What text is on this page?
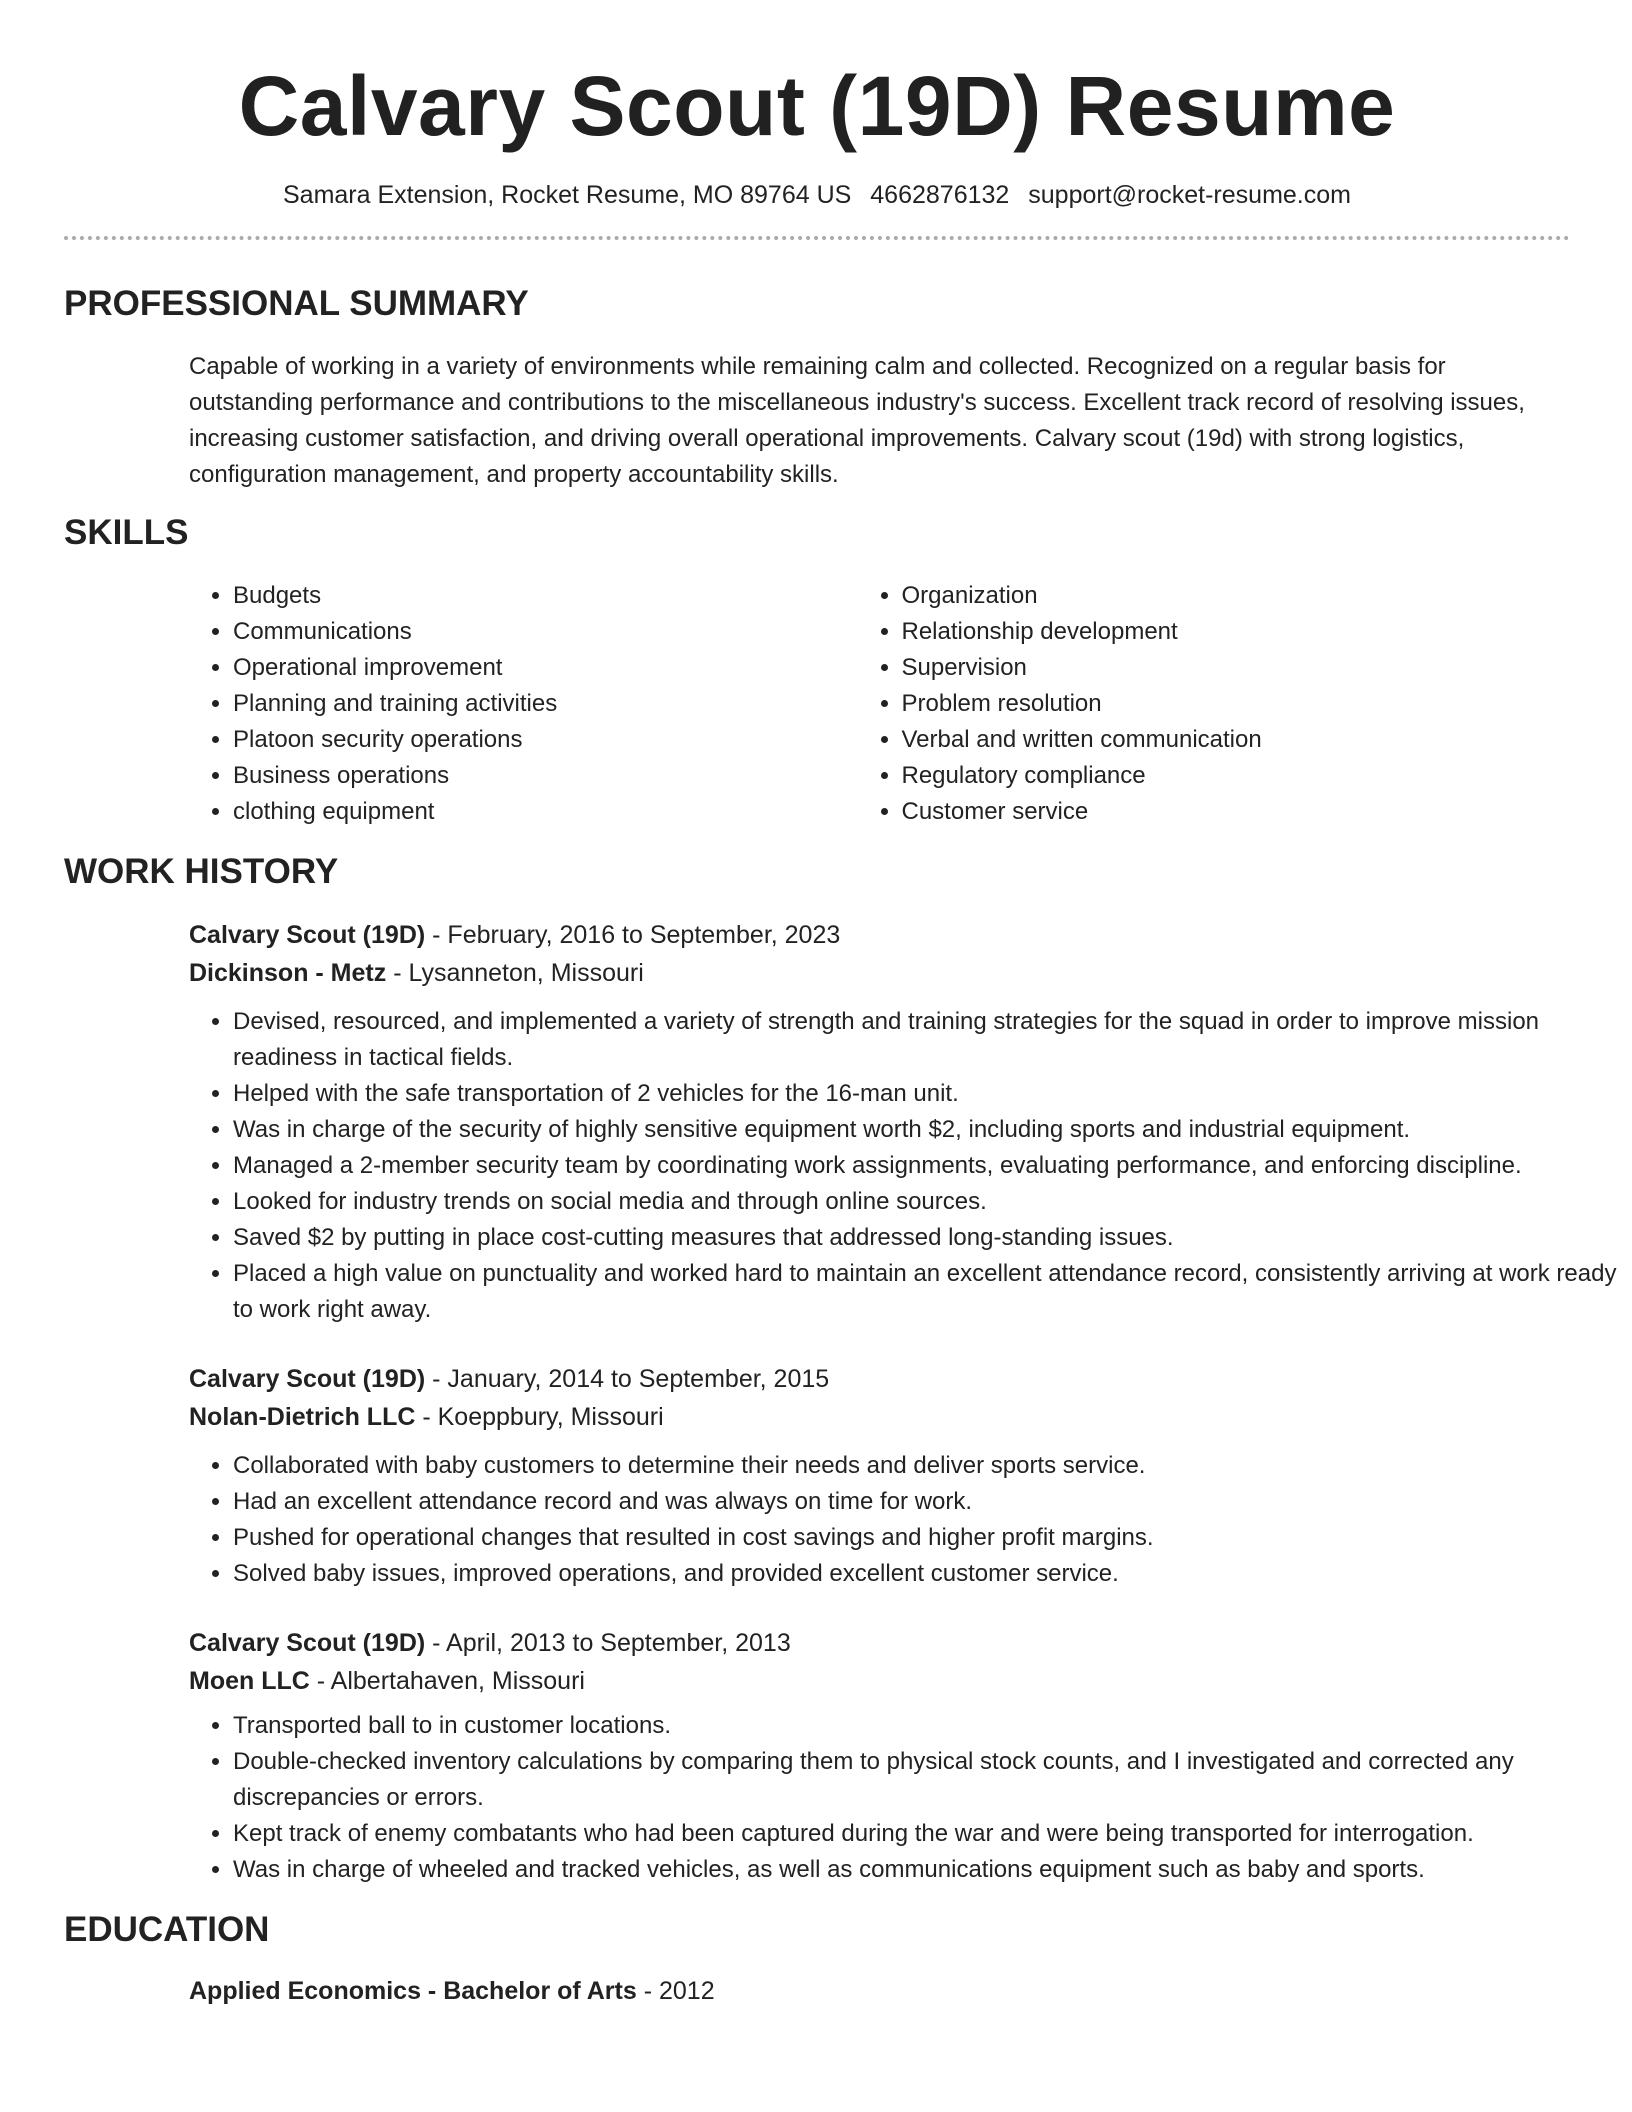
Calvary Scout (19D) Resume
Samara Extension, Rocket Resume, MO 89764 US 4662876132 support@rocket-resume.com
PROFESSIONAL SUMMARY
Capable of working in a variety of environments while remaining calm and collected. Recognized on a regular basis for outstanding performance and contributions to the miscellaneous industry's success. Excellent track record of resolving issues, increasing customer satisfaction, and driving overall operational improvements. Calvary scout (19d) with strong logistics, configuration management, and property accountability skills.
SKILLS
• Budgets
• Communications
• Operational improvement
• Planning and training activities
• Platoon security operations
• Business operations
• clothing equipment
• Organization
• Relationship development
• Supervision
• Problem resolution
• Verbal and written communication
• Regulatory compliance
• Customer service
WORK HISTORY
Calvary Scout (19D) - February, 2016 to September, 2023
Dickinson - Metz - Lysanneton, Missouri
• Devised, resourced, and implemented a variety of strength and training strategies for the squad in order to improve mission readiness in tactical fields.
• Helped with the safe transportation of 2 vehicles for the 16-man unit.
• Was in charge of the security of highly sensitive equipment worth $2, including sports and industrial equipment.
• Managed a 2-member security team by coordinating work assignments, evaluating performance, and enforcing discipline.
• Looked for industry trends on social media and through online sources.
• Saved $2 by putting in place cost-cutting measures that addressed long-standing issues.
• Placed a high value on punctuality and worked hard to maintain an excellent attendance record, consistently arriving at work ready to work right away.
Calvary Scout (19D) - January, 2014 to September, 2015
Nolan-Dietrich LLC - Koeppbury, Missouri
• Collaborated with baby customers to determine their needs and deliver sports service.
• Had an excellent attendance record and was always on time for work.
• Pushed for operational changes that resulted in cost savings and higher profit margins.
• Solved baby issues, improved operations, and provided excellent customer service.
Calvary Scout (19D) - April, 2013 to September, 2013
Moen LLC - Albertahaven, Missouri
• Transported ball to in customer locations.
• Double-checked inventory calculations by comparing them to physical stock counts, and I investigated and corrected any discrepancies or errors.
• Kept track of enemy combatants who had been captured during the war and were being transported for interrogation.
• Was in charge of wheeled and tracked vehicles, as well as communications equipment such as baby and sports.
EDUCATION
Applied Economics - Bachelor of Arts - 2012
